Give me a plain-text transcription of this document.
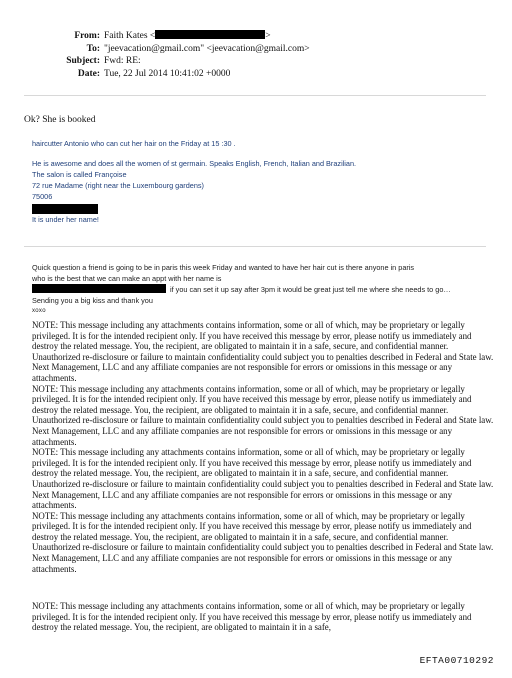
From: Faith Kates <	>
To: "jeevacation@gmail.com" <jeevacation@gmail.com>
Subject: Fwd: RE:
Date: Tue, 22 Jul 2014 10:41:02 +0000
Ok? She is booked
haircutter Antonio who can cut her hair on the Friday at 15 :30 .
He is awesome and does all the women of st germain. Speaks English, French, Italian and Brazilian.
The salon is called Françoise
72 rue Madame (right near the Luxembourg gardens)
75006
It is under her name!
Quick question a friend is going to be in paris this week Friday and wanted to have her hair cut is there anyone in paris
who is the best that we can make an appt with her name is
if you can set it up say after 3pm it would be great just tell me where she needs to go…
Sending you a big kiss and thank you
xoxo

NOTE: This message including any attachments contains information, some or all of which, may be proprietary or legally privileged. It is for the intended recipient only. If you have received this message by error, please notify us immediately and destroy the related message. You, the recipient, are obligated to maintain it in a safe, secure, and confidential manner. Unauthorized re-disclosure or failure to maintain confidentiality could subject you to penalties described in Federal and State law. Next Management, LLC and any affiliate companies are not responsible for errors or omissions in this message or any attachments.

NOTE: This message including any attachments contains information, some or all of which, may be proprietary or legally privileged. It is for the intended recipient only. If you have received this message by error, please notify us immediately and destroy the related message. You, the recipient, are obligated to maintain it in a safe, secure, and confidential manner. Unauthorized re-disclosure or failure to maintain confidentiality could subject you to penalties described in Federal and State law. Next Management, LLC and any affiliate companies are not responsible for errors or omissions in this message or any attachments.

NOTE: This message including any attachments contains information, some or all of which, may be proprietary or legally privileged. It is for the intended recipient only. If you have received this message by error, please notify us immediately and destroy the related message. You, the recipient, are obligated to maintain it in a safe, secure, and confidential manner. Unauthorized re-disclosure or failure to maintain confidentiality could subject you to penalties described in Federal and State law. Next Management, LLC and any affiliate companies are not responsible for errors or omissions in this message or any attachments.

NOTE: This message including any attachments contains information, some or all of which, may be proprietary or legally privileged. It is for the intended recipient only. If you have received this message by error, please notify us immediately and destroy the related message. You, the recipient, are obligated to maintain it in a safe, secure, and confidential manner. Unauthorized re-disclosure or failure to maintain confidentiality could subject you to penalties described in Federal and State law. Next Management, LLC and any affiliate companies are not responsible for errors or omissions in this message or any attachments.

NOTE: This message including any attachments contains information, some or all of which, may be proprietary or legally privileged. It is for the intended recipient only. If you have received this message by error, please notify us immediately and destroy the related message. You, the recipient, are obligated to maintain it in a safe,

EFTA00710292
